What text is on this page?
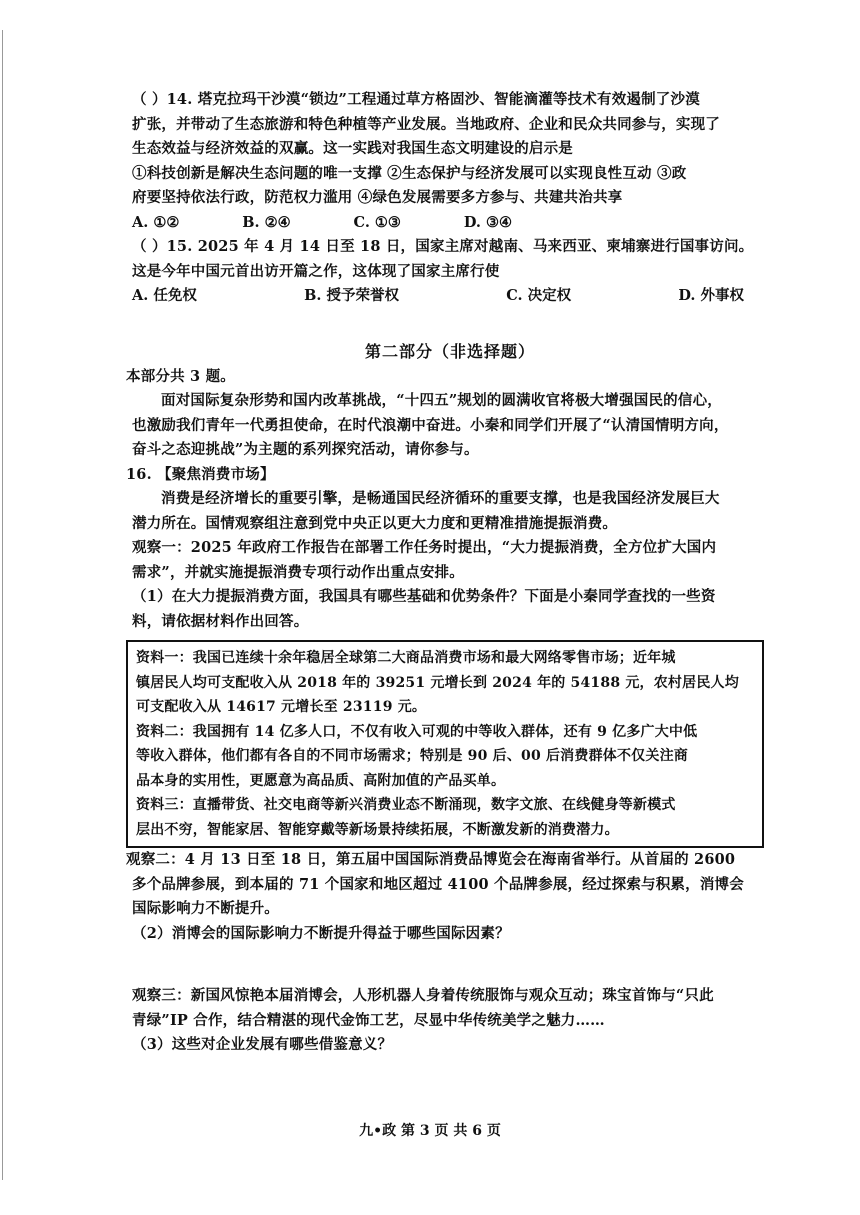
（ ）14. 塔克拉玛干沙漠“锁边”工程通过草方格固沙、智能滴灌等技术有效遏制了沙漠
扩张，并带动了生态旅游和特色种植等产业发展。当地政府、企业和民众共同参与，实现了
生态效益与经济效益的双赢。这一实践对我国生态文明建设的启示是
①科技创新是解决生态问题的唯一支撑 ②生态保护与经济发展可以实现良性互动 ③政
府要坚持依法行政，防范权力滥用 ④绿色发展需要多方参与、共建共治共享
A. ①②	B. ②④	C. ①③	D. ③④
（ ）15. 2025 年 4 月 14 日至 18 日，国家主席对越南、马来西亚、柬埔寨进行国事访问。
这是今年中国元首出访开篇之作，这体现了国家主席行使
A. 任免权	B. 授予荣誉权	C. 决定权	D. 外事权
第二部分（非选择题）
本部分共 3 题。
面对国际复杂形势和国内改革挑战，“十四五”规划的圆满收官将极大增强国民的信心，
也激励我们青年一代勇担使命，在时代浪潮中奋进。小秦和同学们开展了“认清国情明方向，
奋斗之态迎挑战”为主题的系列探究活动，请你参与。
16. 【聚焦消费市场】
消费是经济增长的重要引擎，是畅通国民经济循环的重要支撑，也是我国经济发展巨大
潜力所在。国情观察组注意到党中央正以更大力度和更精准措施提振消费。
观察一：2025 年政府工作报告在部署工作任务时提出，“大力提振消费，全方位扩大国内
需求”，并就实施提振消费专项行动作出重点安排。
（1）在大力提振消费方面，我国具有哪些基础和优势条件？下面是小秦同学查找的一些资
料，请依据材料作出回答。
资料一：我国已连续十余年稳居全球第二大商品消费市场和最大网络零售市场；近年城
镇居民人均可支配收入从 2018 年的 39251 元增长到 2024 年的 54188 元，农村居民人均
可支配收入从 14617 元增长至 23119 元。
资料二：我国拥有 14 亿多人口，不仅有收入可观的中等收入群体，还有 9 亿多广大中低
等收入群体，他们都有各自的不同市场需求；特别是 90 后、00 后消费群体不仅关注商
品本身的实用性，更愿意为高品质、高附加值的产品买单。
资料三：直播带货、社交电商等新兴消费业态不断涌现，数字文旅、在线健身等新模式
层出不穷，智能家居、智能穿戴等新场景持续拓展，不断激发新的消费潜力。
观察二：4 月 13 日至 18 日，第五届中国国际消费品博览会在海南省举行。从首届的 2600
多个品牌参展，到本届的 71 个国家和地区超过 4100 个品牌参展，经过探索与积累，消博会
国际影响力不断提升。
（2）消博会的国际影响力不断提升得益于哪些国际因素？
观察三：新国风惊艳本届消博会，人形机器人身着传统服饰与观众互动；珠宝首饰与“只此
青绿”IP 合作，结合精湛的现代金饰工艺，尽显中华传统美学之魅力……
（3）这些对企业发展有哪些借鉴意义？
九•政 第 3 页 共 6 页
